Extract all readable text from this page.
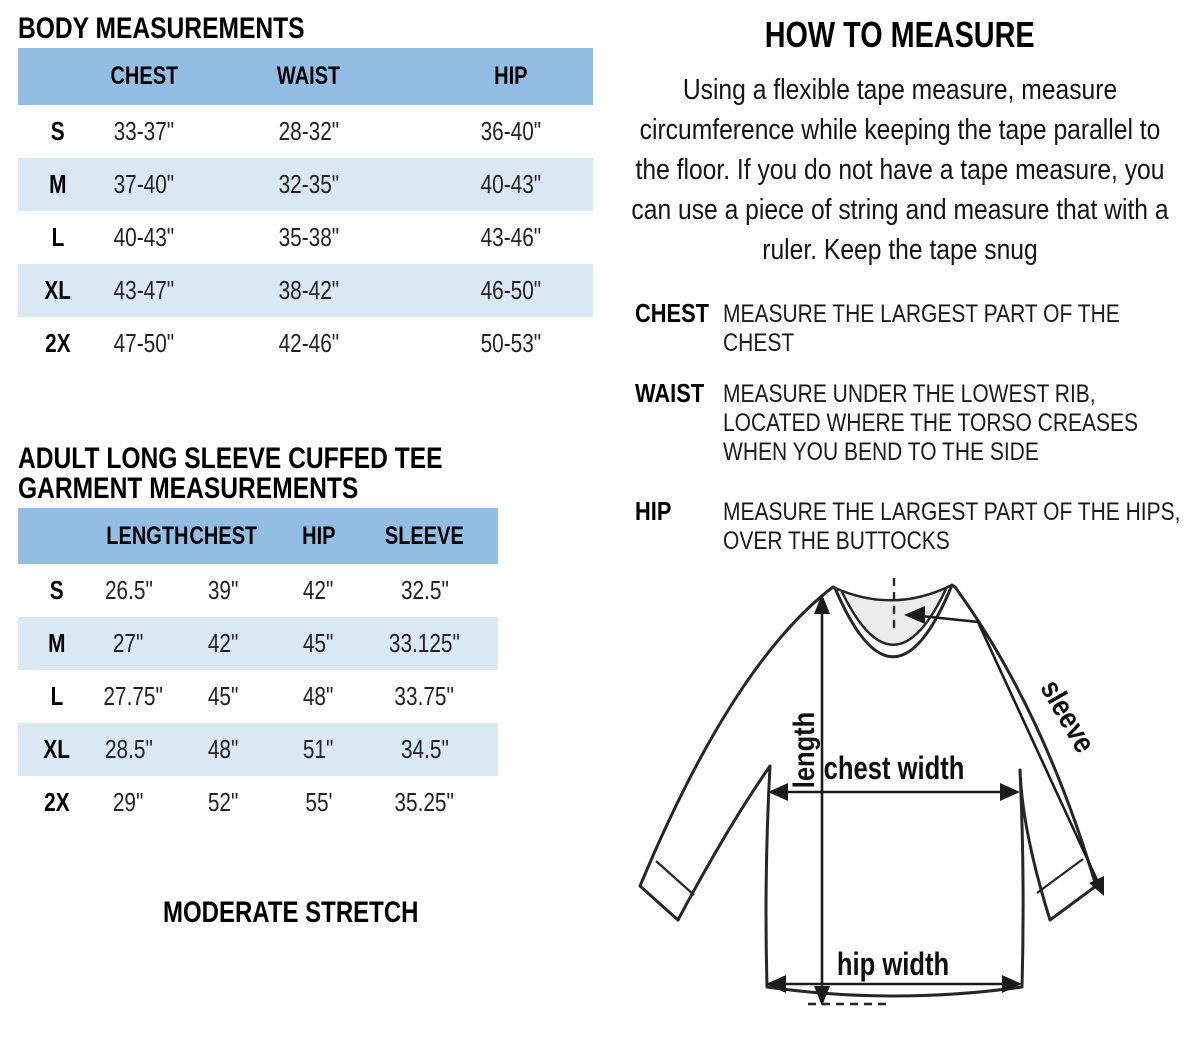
BODY MEASUREMENTS
	CHEST	WAIST	HIP
S	33-37"	28-32"	36-40"
M	37-40"	32-35"	40-43"
L	40-43"	35-38"	43-46"
XL	43-47"	38-42"	46-50"
2X	47-50"	42-46"	50-53"
ADULT LONG SLEEVE CUFFED TEE
GARMENT MEASUREMENTS
	LENGTH	CHEST	HIP	SLEEVE
S	26.5"	39"	42"	32.5"
M	27"	42"	45"	33.125"
L	27.75"	45"	48"	33.75"
XL	28.5"	48"	51"	34.5"
2X	29"	52"	55'	35.25"
MODERATE STRETCH
HOW TO MEASURE
Using a flexible tape measure, measure circumference while keeping the tape parallel to the floor. If you do not have a tape measure, you can use a piece of string and measure that with a ruler. Keep the tape snug
CHEST MEASURE THE LARGEST PART OF THE CHEST
WAIST MEASURE UNDER THE LOWEST RIB, LOCATED WHERE THE TORSO CREASES WHEN YOU BEND TO THE SIDE
HIP MEASURE THE LARGEST PART OF THE HIPS, OVER THE BUTTOCKS
length chest width
hip width
sleeve
